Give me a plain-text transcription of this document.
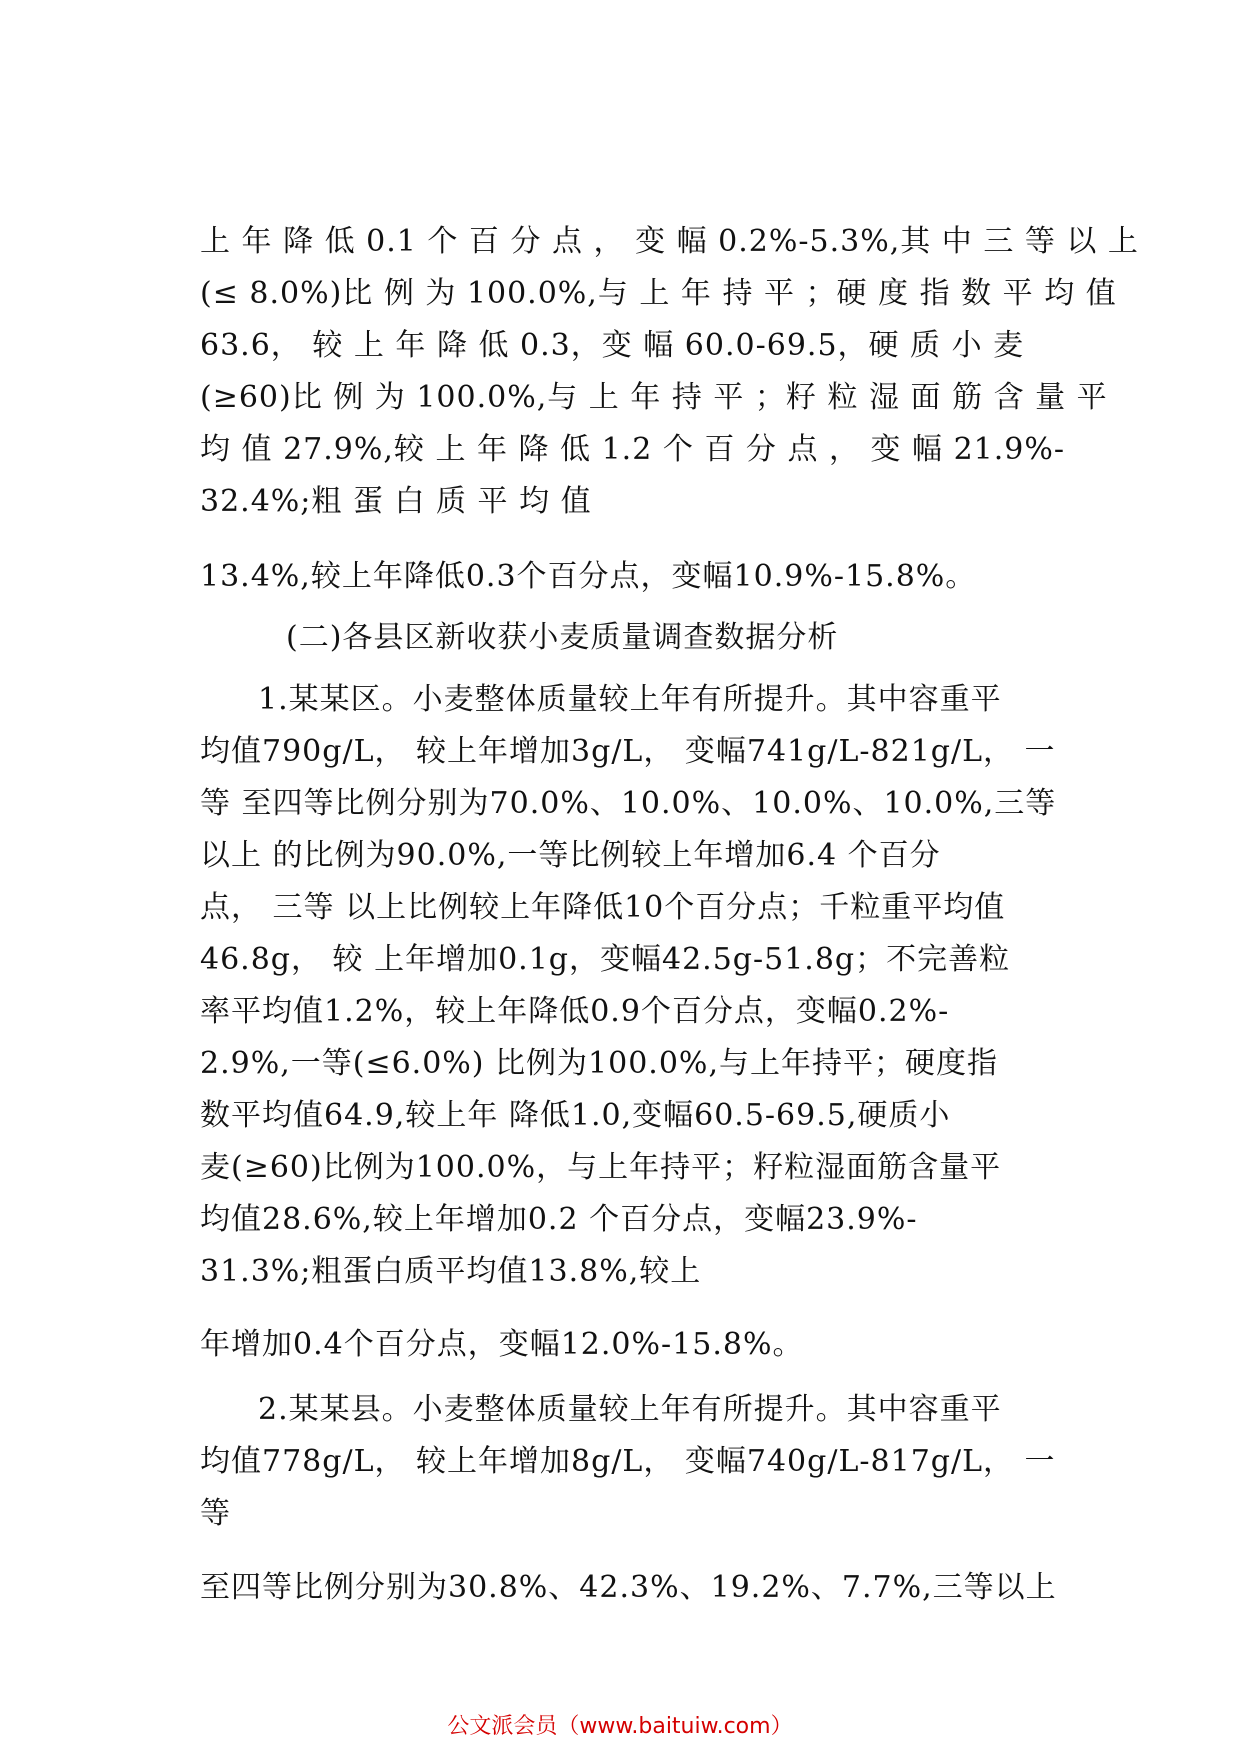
上 年 降 低 0.1 个 百 分 点 ， 变 幅 0.2%-5.3%,其 中 三 等 以 上
(≤ 8.0%)比 例 为 100.0%,与 上 年 持 平 ；硬 度 指 数 平 均 值
63.6， 较 上 年 降 低 0.3，变 幅 60.0-69.5，硬 质 小 麦
(≥60)比 例 为 100.0%,与 上 年 持 平 ；籽 粒 湿 面 筋 含 量 平
均 值 27.9%,较 上 年 降 低 1.2 个 百 分 点 ， 变 幅 21.9%-
32.4%;粗 蛋 白 质 平 均 值
13.4%,较上年降低0.3个百分点，变幅10.9%-15.8%。
(二)各县区新收获小麦质量调查数据分析
1.某某区。小麦整体质量较上年有所提升。其中容重平
均值790g/L， 较上年增加3g/L， 变幅741g/L-821g/L， 一
等 至四等比例分别为70.0%、10.0%、10.0%、10.0%,三等
以上 的比例为90.0%,一等比例较上年增加6.4 个百分
点， 三等 以上比例较上年降低10个百分点；千粒重平均值
46.8g， 较 上年增加0.1g，变幅42.5g-51.8g；不完善粒
率平均值1.2%，较上年降低0.9个百分点，变幅0.2%-
2.9%,一等(≤6.0%) 比例为100.0%,与上年持平；硬度指
数平均值64.9,较上年 降低1.0,变幅60.5-69.5,硬质小
麦(≥60)比例为100.0%，与上年持平；籽粒湿面筋含量平
均值28.6%,较上年增加0.2 个百分点，变幅23.9%-
31.3%;粗蛋白质平均值13.8%,较上
年增加0.4个百分点，变幅12.0%-15.8%。
2.某某县。小麦整体质量较上年有所提升。其中容重平
均值778g/L， 较上年增加8g/L， 变幅740g/L-817g/L， 一
等
至四等比例分别为30.8%、42.3%、19.2%、7.7%,三等以上
公文派会员（www.baituiw.com）
